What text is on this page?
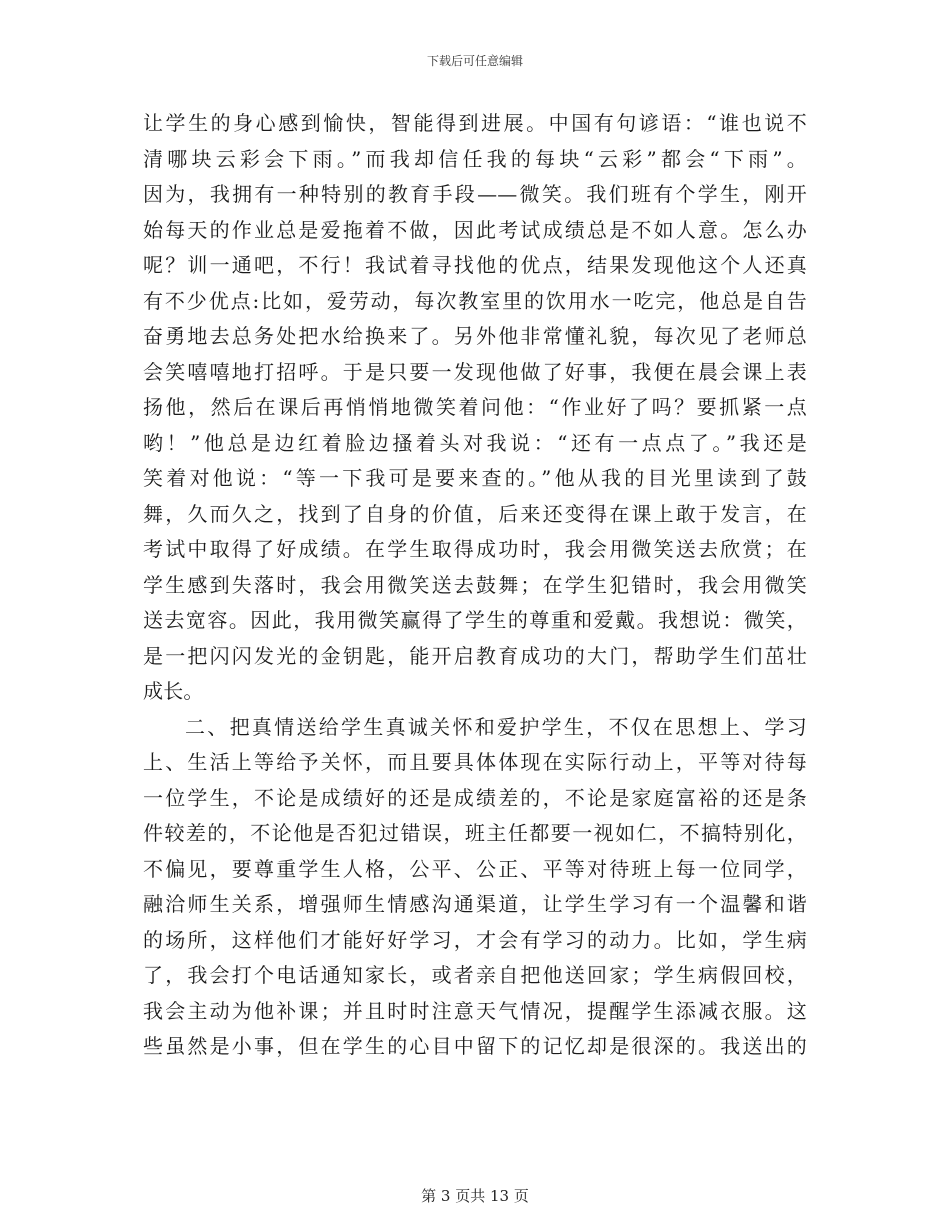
下载后可任意编辑
让学生的身心感到愉快，智能得到进展。中国有句谚语：“谁也说不
清哪块云彩会下雨。”而我却信任我的每块“云彩”都会“下雨”。
因为，我拥有一种特别的教育手段——微笑。我们班有个学生，刚开
始每天的作业总是爱拖着不做，因此考试成绩总是不如人意。怎么办
呢？训一通吧，不行！我试着寻找他的优点，结果发现他这个人还真
有不少优点:比如，爱劳动，每次教室里的饮用水一吃完，他总是自告
奋勇地去总务处把水给换来了。另外他非常懂礼貌，每次见了老师总
会笑嘻嘻地打招呼。于是只要一发现他做了好事，我便在晨会课上表
扬他，然后在课后再悄悄地微笑着问他：“作业好了吗？要抓紧一点
哟！”他总是边红着脸边搔着头对我说：“还有一点点了。”我还是
笑着对他说：“等一下我可是要来查的。”他从我的目光里读到了鼓
舞，久而久之，找到了自身的价值，后来还变得在课上敢于发言，在
考试中取得了好成绩。在学生取得成功时，我会用微笑送去欣赏；在
学生感到失落时，我会用微笑送去鼓舞；在学生犯错时，我会用微笑
送去宽容。因此，我用微笑赢得了学生的尊重和爱戴。我想说：微笑，
是一把闪闪发光的金钥匙，能开启教育成功的大门，帮助学生们茁壮
成长。
二、把真情送给学生真诚关怀和爱护学生，不仅在思想上、学习
上、生活上等给予关怀，而且要具体体现在实际行动上，平等对待每
一位学生，不论是成绩好的还是成绩差的，不论是家庭富裕的还是条
件较差的，不论他是否犯过错误，班主任都要一视如仁，不搞特别化，
不偏见，要尊重学生人格，公平、公正、平等对待班上每一位同学，
融洽师生关系，增强师生情感沟通渠道，让学生学习有一个温馨和谐
的场所，这样他们才能好好学习，才会有学习的动力。比如，学生病
了，我会打个电话通知家长，或者亲自把他送回家；学生病假回校，
我会主动为他补课；并且时时注意天气情况，提醒学生添减衣服。这
些虽然是小事，但在学生的心目中留下的记忆却是很深的。我送出的
第 3 页共 13 页
